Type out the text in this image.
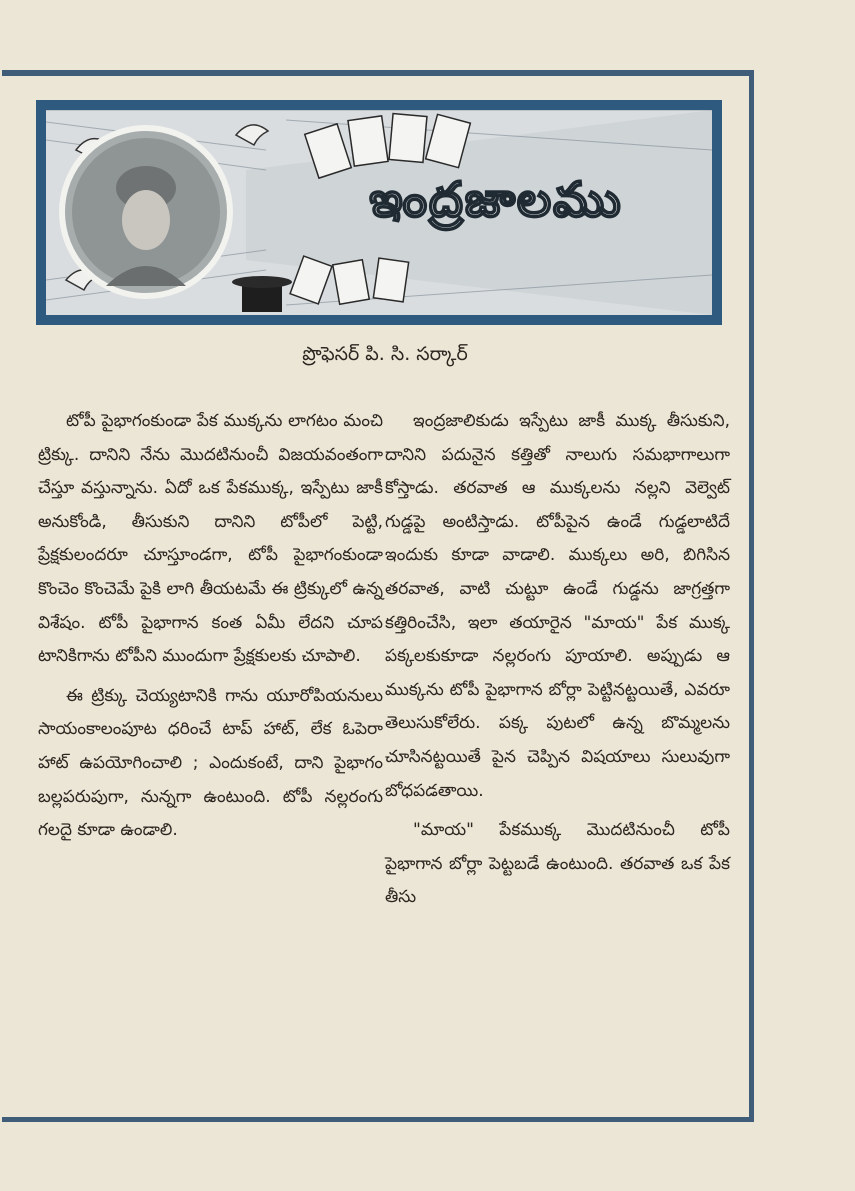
ఇంద్రజాలము
ప్రొఫెసర్ పి. సి. సర్కార్

టోపీ పైభాగంకుండా పేక ముక్కను లాగటం మంచి ట్రిక్కు. దానిని నేను మొదటినుంచీ విజయవంతంగా చేస్తూ వస్తున్నాను. ఏదో ఒక పేకముక్క, ఇస్పేటు జాకీ అనుకోండి, తీసుకుని దానిని టోపీలో పెట్టి, ప్రేక్షకులందరూ చూస్తూండగా, టోపీ పైభాగంకుండా కొంచెం కొంచెమే పైకి లాగి తీయటమే ఈ ట్రిక్కులో ఉన్న విశేషం. టోపీ పైభాగాన కంత ఏమీ లేదని చూప టానికిగాను టోపీని ముందుగా ప్రేక్షకులకు చూపాలి.

ఈ ట్రిక్కు చెయ్యటానికి గాను యూరోపియనులు సాయంకాలంపూట ధరించే టాప్ హాట్, లేక ఓపెరా హాట్ ఉపయోగించాలి ; ఎందుకంటే, దాని పైభాగం బల్లపరుపుగా, నున్నగా ఉంటుంది. టోపీ నల్లరంగు గలదై కూడా ఉండాలి.

ఇంద్రజాలికుడు ఇస్పేటు జాకీ ముక్క తీసుకుని, దానిని పదునైన కత్తితో నాలుగు సమభాగాలుగా కోస్తాడు. తరవాత ఆ ముక్కలను నల్లని వెల్వెట్ గుడ్డపై అంటిస్తాడు. టోపీపైన ఉండే గుడ్డలాటిదే ఇందుకు కూడా వాడాలి. ముక్కలు అరి, బిగిసిన తరవాత, వాటి చుట్టూ ఉండే గుడ్డను జాగ్రత్తగా కత్తిరించేసి, ఇలా తయారైన "మాయ" పేక ముక్క పక్కలకుకూడా నల్లరంగు పూయాలి. అప్పుడు ఆ ముక్కను టోపీ పైభాగాన బోర్లా పెట్టినట్టయితే, ఎవరూ తెలుసుకోలేరు. పక్క పుటలో ఉన్న బొమ్మలను చూసినట్టయితే పైన చెప్పిన విషయాలు సులువుగా బోధపడతాయి.

"మాయ" పేకముక్క మొదటినుంచీ టోపీ పైభాగాన బోర్లా పెట్టబడే ఉంటుంది. తరవాత ఒక పేక తీసు
